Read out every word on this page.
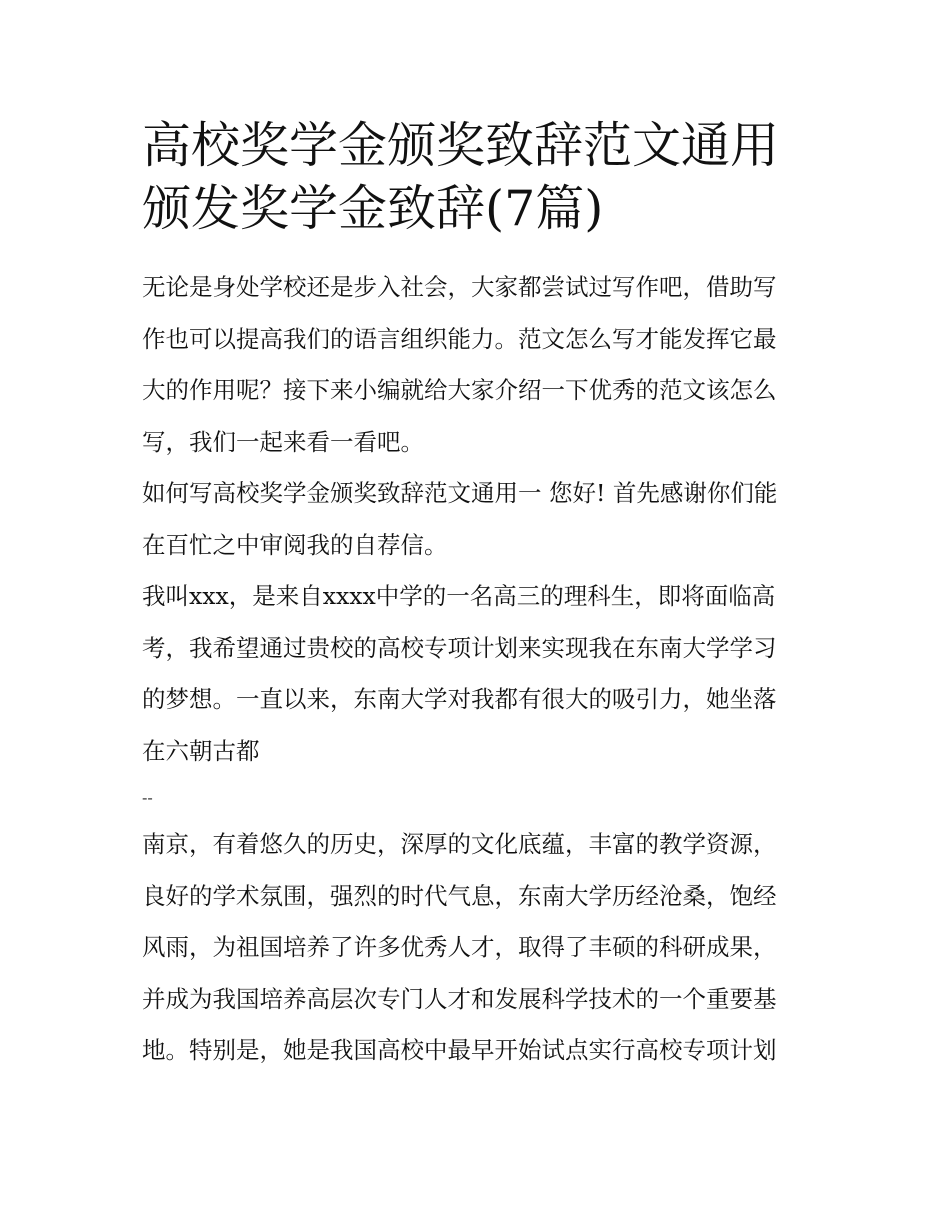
高校奖学金颁奖致辞范文通用
颁发奖学金致辞(7篇)

无论是身处学校还是步入社会，大家都尝试过写作吧，借助写
作也可以提高我们的语言组织能力。范文怎么写才能发挥它最
大的作用呢？接下来小编就给大家介绍一下优秀的范文该怎么
写，我们一起来看一看吧。

如何写高校奖学金颁奖致辞范文通用一 您好! 首先感谢你们能
在百忙之中审阅我的自荐信。

我叫xxx，是来自xxxx中学的一名高三的理科生，即将面临高
考，我希望通过贵校的高校专项计划来实现我在东南大学学习
的梦想。一直以来，东南大学对我都有很大的吸引力，她坐落
在六朝古都

--

南京，有着悠久的历史，深厚的文化底蕴，丰富的教学资源，
良好的学术氛围，强烈的时代气息，东南大学历经沧桑，饱经
风雨，为祖国培养了许多优秀人才，取得了丰硕的科研成果，
并成为我国培养高层次专门人才和发展科学技术的一个重要基
地。特别是，她是我国高校中最早开始试点实行高校专项计划
